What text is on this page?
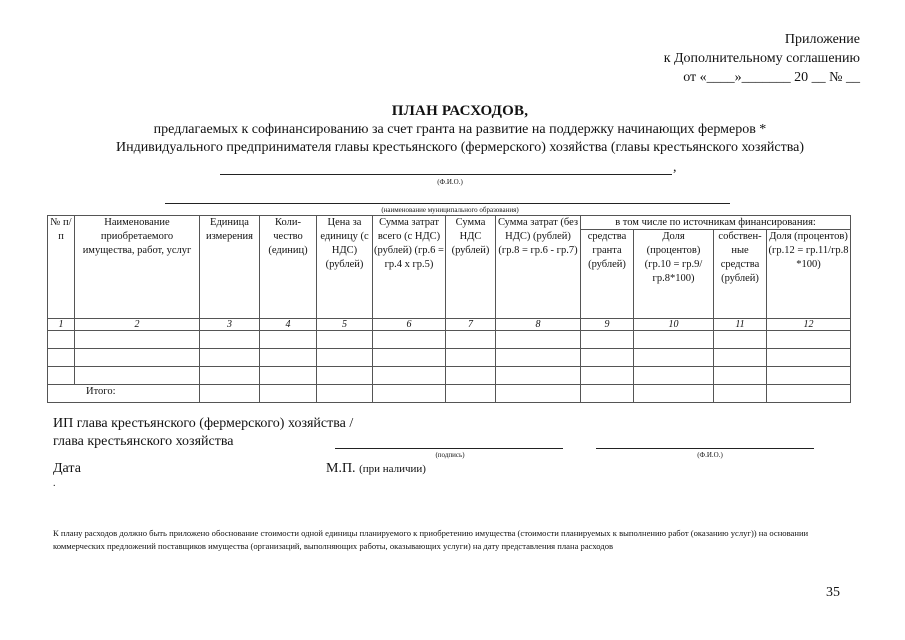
Приложение
к Дополнительному соглашению
от «____»_______ 20 __ № __
ПЛАН РАСХОДОВ,
предлагаемых к софинансированию за счет гранта на развитие на поддержку начинающих фермеров *
Индивидуального предпринимателя главы крестьянского (фермерского) хозяйства (главы крестьянского хозяйства)
,
(Ф.И.О.)
(наименование муниципального образования)
№ п/п	Наименование приобретаемого имущества, работ, услуг	Единица измерения	Коли-чество (единиц)	Цена за единицу (с НДС) (рублей)	Сумма затрат всего (с НДС) (рублей) (гр.6 = гр.4 х гр.5)	Сумма НДС (рублей)	Сумма затрат (без НДС) (рублей) (гр.8 = гр.6 - гр.7)	в том числе по источникам финансирования:			
								средства гранта (рублей)	Доля (процентов) (гр.10 = гр.9/гр.8*100)	собствен-ные средства (рублей)	Доля (процентов) (гр.12 = гр.11/гр.8 *100)
1	2	3	4	5	6	7	8	9	10	11	12

Итого:											
ИП глава крестьянского (фермерского) хозяйства /
глава крестьянского хозяйства
(подпись)	(Ф.И.О.)
Дата	М.П. (при наличии)
.
К плану расходов должно быть приложено обоснование стоимости одной единицы планируемого к приобретению имущества (стоимости планируемых к выполнению работ (оказанию услуг)) на основании коммерческих предложений поставщиков имущества (организаций, выполняющих работы, оказывающих услуги) на дату представления плана расходов
35
